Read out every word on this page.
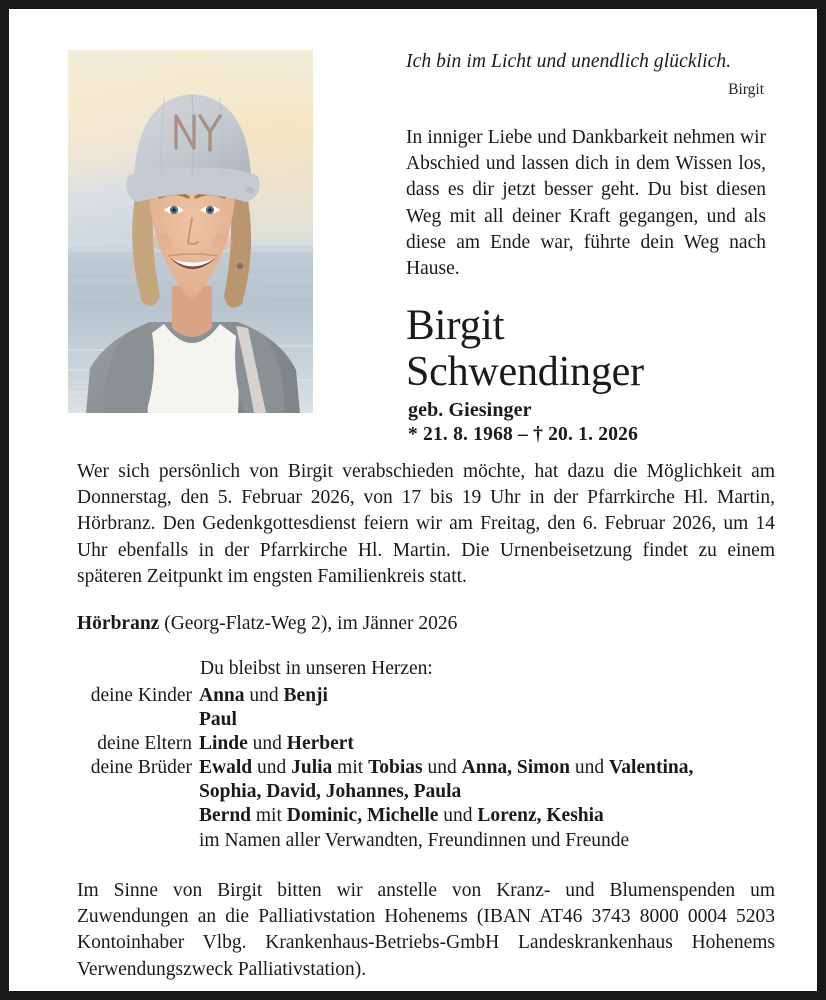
Ich bin im Licht und unendlich glücklich.

Birgit

In inniger Liebe und Dankbarkeit nehmen wir Abschied und lassen dich in dem Wissen los, dass es dir jetzt besser geht. Du bist diesen Weg mit all deiner Kraft gegangen, und als diese am Ende war, führte dein Weg nach Hause.

Birgit
Schwendinger
geb. Giesinger
* 21. 8. 1968 – † 20. 1. 2026
Wer sich persönlich von Birgit verabschieden möchte, hat dazu die Möglichkeit am Donnerstag, den 5. Februar 2026, von 17 bis 19 Uhr in der Pfarrkirche Hl. Martin, Hörbranz. Den Gedenkgottesdienst feiern wir am Freitag, den 6. Februar 2026, um 14 Uhr ebenfalls in der Pfarrkirche Hl. Martin. Die Urnenbeisetzung findet zu einem späteren Zeitpunkt im engsten Familienkreis statt.
Hörbranz (Georg-Flatz-Weg 2), im Jänner 2026
Du bleibst in unseren Herzen:
deine Kinder Anna und Benji
Paul
deine Eltern Linde und Herbert
deine Brüder Ewald und Julia mit Tobias und Anna, Simon und Valentina,
Sophia, David, Johannes, Paula
Bernd mit Dominic, Michelle und Lorenz, Keshia
im Namen aller Verwandten, Freundinnen und Freunde

Im Sinne von Birgit bitten wir anstelle von Kranz- und Blumenspenden um Zuwendungen an die Palliativstation Hohenems (IBAN AT46 3743 8000 0004 5203 Kontoinhaber Vlbg. Krankenhaus-Betriebs-GmbH Landeskrankenhaus Hohenems Verwendungszweck Palliativstation).
